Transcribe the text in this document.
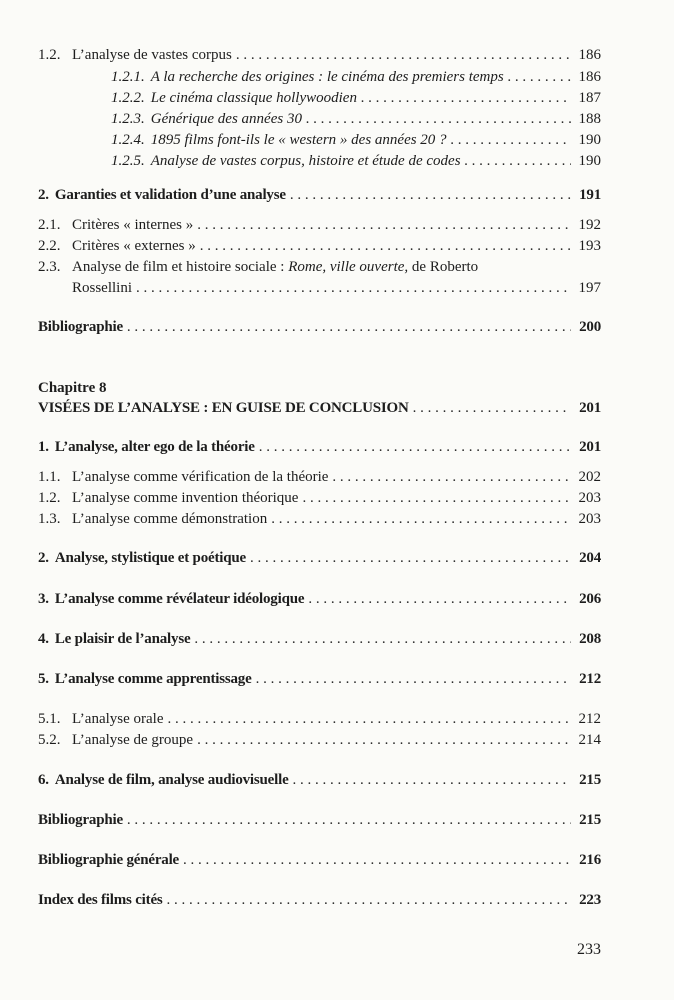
1.2. L’analyse de vastes corpus . . .	186
1.2.1. A la recherche des origines : le cinéma des premiers temps . . .	186
1.2.2. Le cinéma classique hollywoodien . . .	187
1.2.3. Générique des années 30 . . .	188
1.2.4. 1895 films font-ils le « western » des années 20 ? . . .	190
1.2.5. Analyse de vastes corpus, histoire et étude de codes . . .	190
2. Garanties et validation d’une analyse . . .	191
2.1. Critères « internes » . . .	192
2.2. Critères « externes » . . .	193
2.3. Analyse de film et histoire sociale : Rome, ville ouverte, de Roberto
Rossellini . . .	197
Bibliographie . . .	200
Chapitre 8
VISÉES DE L’ANALYSE : EN GUISE DE CONCLUSION . . .	201
1. L’analyse, alter ego de la théorie . . .	201
1.1. L’analyse comme vérification de la théorie . . .	202
1.2. L’analyse comme invention théorique . . .	203
1.3. L’analyse comme démonstration . . .	203
2. Analyse, stylistique et poétique . . .	204
3. L’analyse comme révélateur idéologique . . .	206
4. Le plaisir de l’analyse . . .	208
5. L’analyse comme apprentissage . . .	212
5.1. L’analyse orale . . .	212
5.2. L’analyse de groupe . . .	214
6. Analyse de film, analyse audiovisuelle . . .	215
Bibliographie . . .	215
Bibliographie générale . . .	216
Index des films cités . . .	223
233
